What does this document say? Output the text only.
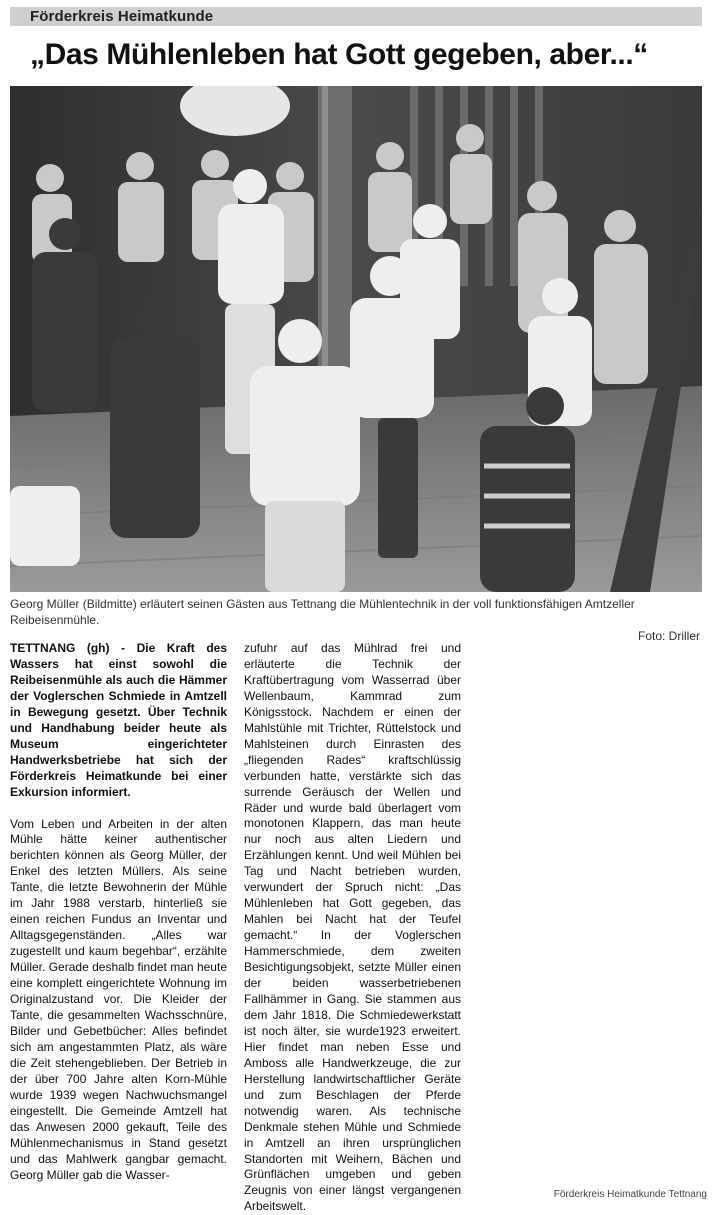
Förderkreis Heimatkunde
„Das Mühlenleben hat Gott gegeben, aber...“
Georg Müller (Bildmitte) erläutert seinen Gästen aus Tettnang die Mühlentechnik in der voll funktionsfähigen Amtzeller Reibeisenmühle.
Foto: Driller

TETTNANG (gh) - Die Kraft des Wassers hat einst sowohl die Reibeisenmühle als auch die Hämmer der Voglerschen Schmiede in Amtzell in Bewegung gesetzt. Über Technik und Handhabung beider heute als Museum eingerichteter Handwerksbetriebe hat sich der Förderkreis Heimatkunde bei einer Exkursion informiert.

Vom Leben und Arbeiten in der alten Mühle hätte keiner authentischer berichten können als Georg Müller, der Enkel des letzten Müllers. Als seine Tante, die letzte Bewohnerin der Mühle im Jahr 1988 verstarb, hinterließ sie einen reichen Fundus an Inventar und Alltagsgegenständen. „Alles war zugestellt und kaum begehbar“, erzählte Müller. Gerade deshalb findet man heute eine komplett eingerichtete Wohnung im Originalzustand vor. Die Kleider der Tante, die gesammelten Wachsschnüre, Bilder und Gebetbücher: Alles befindet sich am angestammten Platz, als wäre die Zeit stehengeblieben. Der Betrieb in der über 700 Jahre alten Korn-Mühle wurde 1939 wegen Nachwuchsmangel eingestellt. Die Gemeinde Amtzell hat das Anwesen 2000 gekauft, Teile des Mühlenmechanismus in Stand gesetzt und das Mahlwerk gangbar gemacht. Georg Müller gab die Wasser-

zufuhr auf das Mühlrad frei und erläuterte die Technik der Kraftübertragung vom Wasserrad über Wellenbaum, Kammrad zum Königsstock. Nachdem er einen der Mahlstühle mit Trichter, Rüttelstock und Mahlsteinen durch Einrasten des „fliegenden Rades“ kraftschlüssig verbunden hatte, verstärkte sich das surrende Geräusch der Wellen und Räder und wurde bald überlagert vom monotonen Klappern, das man heute nur noch aus alten Liedern und Erzählungen kennt. Und weil Mühlen bei Tag und Nacht betrieben wurden, verwundert der Spruch nicht: „Das Mühlenleben hat Gott gegeben, das Mahlen bei Nacht hat der Teufel gemacht.“ In der Voglerschen Hammerschmiede, dem zweiten Besichtigungsobjekt, setzte Müller einen der beiden wasserbetriebenen Fallhämmer in Gang. Sie stammen aus dem Jahr 1818. Die Schmiedewerkstatt ist noch älter, sie wurde1923 erweitert. Hier findet man neben Esse und Amboss alle Handwerkzeuge, die zur Herstellung landwirtschaftlicher Geräte und zum Beschlagen der Pferde notwendig waren. Als technische Denkmale stehen Mühle und Schmiede in Amtzell an ihren ursprünglichen Standorten mit Weihern, Bächen und Grünflächen umgeben und geben Zeugnis von einer längst vergangenen Arbeitswelt.

Förderkreis Heimatkunde Tettnang
